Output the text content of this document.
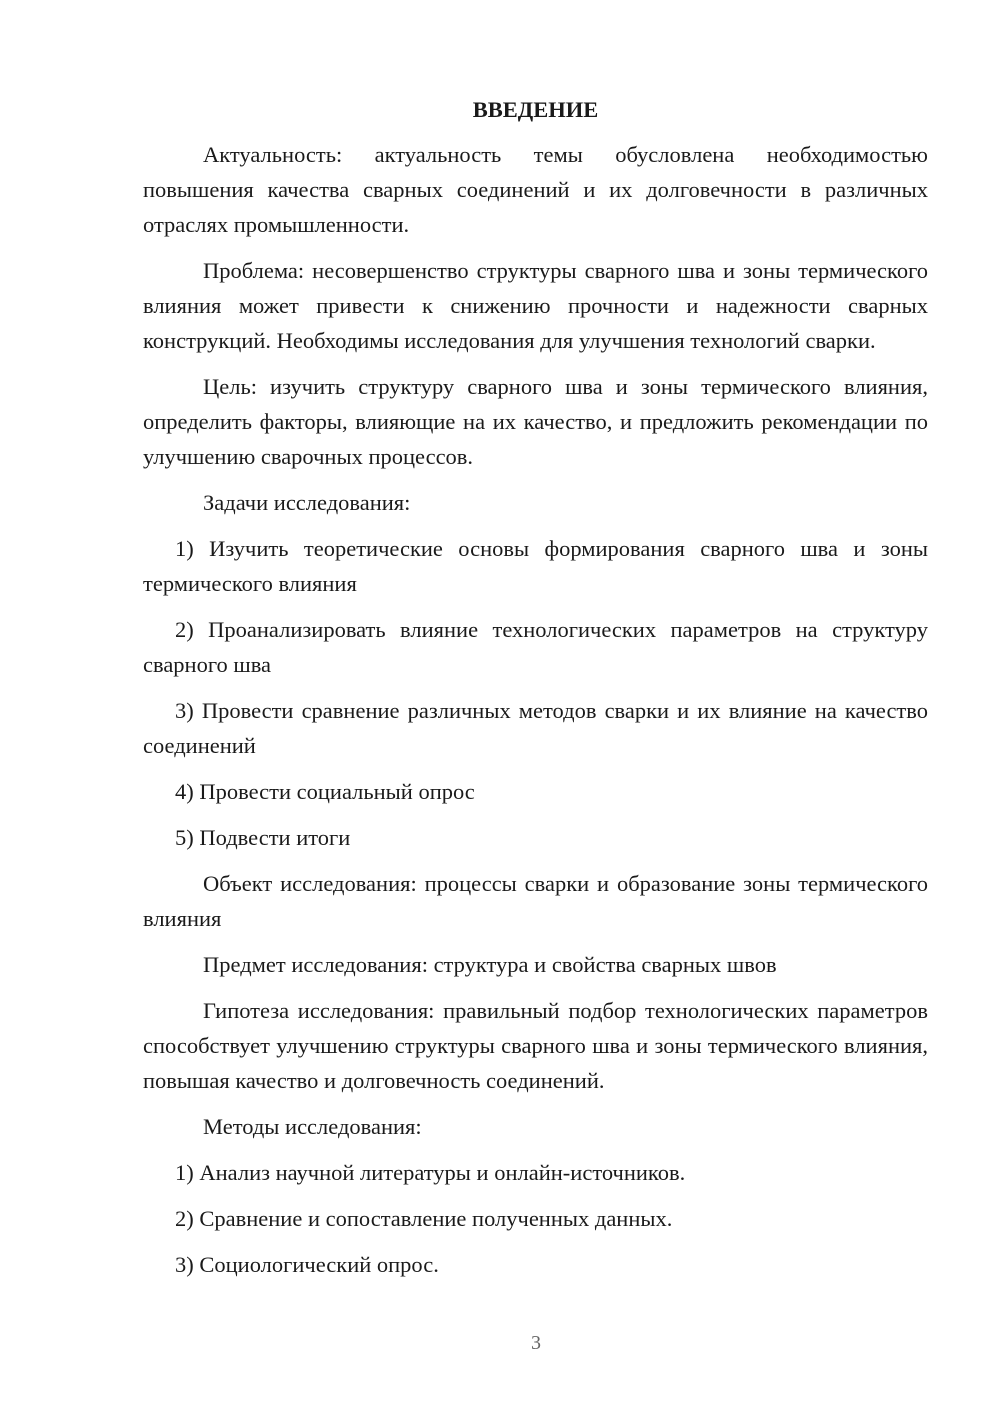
ВВЕДЕНИЕ

Актуальность: актуальность темы обусловлена необходимостью повышения качества сварных соединений и их долговечности в различных отраслях промышленности.

Проблема: несовершенство структуры сварного шва и зоны термического влияния может привести к снижению прочности и надежности сварных конструкций. Необходимы исследования для улучшения технологий сварки.

Цель: изучить структуру сварного шва и зоны термического влияния, определить факторы, влияющие на их качество, и предложить рекомендации по улучшению сварочных процессов.

Задачи исследования:

1) Изучить теоретические основы формирования сварного шва и зоны термического влияния

2) Проанализировать влияние технологических параметров на структуру сварного шва

3) Провести сравнение различных методов сварки и их влияние на качество соединений

4) Провести социальный опрос

5) Подвести итоги

Объект исследования: процессы сварки и образование зоны термического влияния

Предмет исследования: структура и свойства сварных швов

Гипотеза исследования: правильный подбор технологических параметров способствует улучшению структуры сварного шва и зоны термического влияния, повышая качество и долговечность соединений.

Методы исследования:

1) Анализ научной литературы и онлайн-источников.

2) Сравнение и сопоставление полученных данных.

3) Социологический опрос.

3
